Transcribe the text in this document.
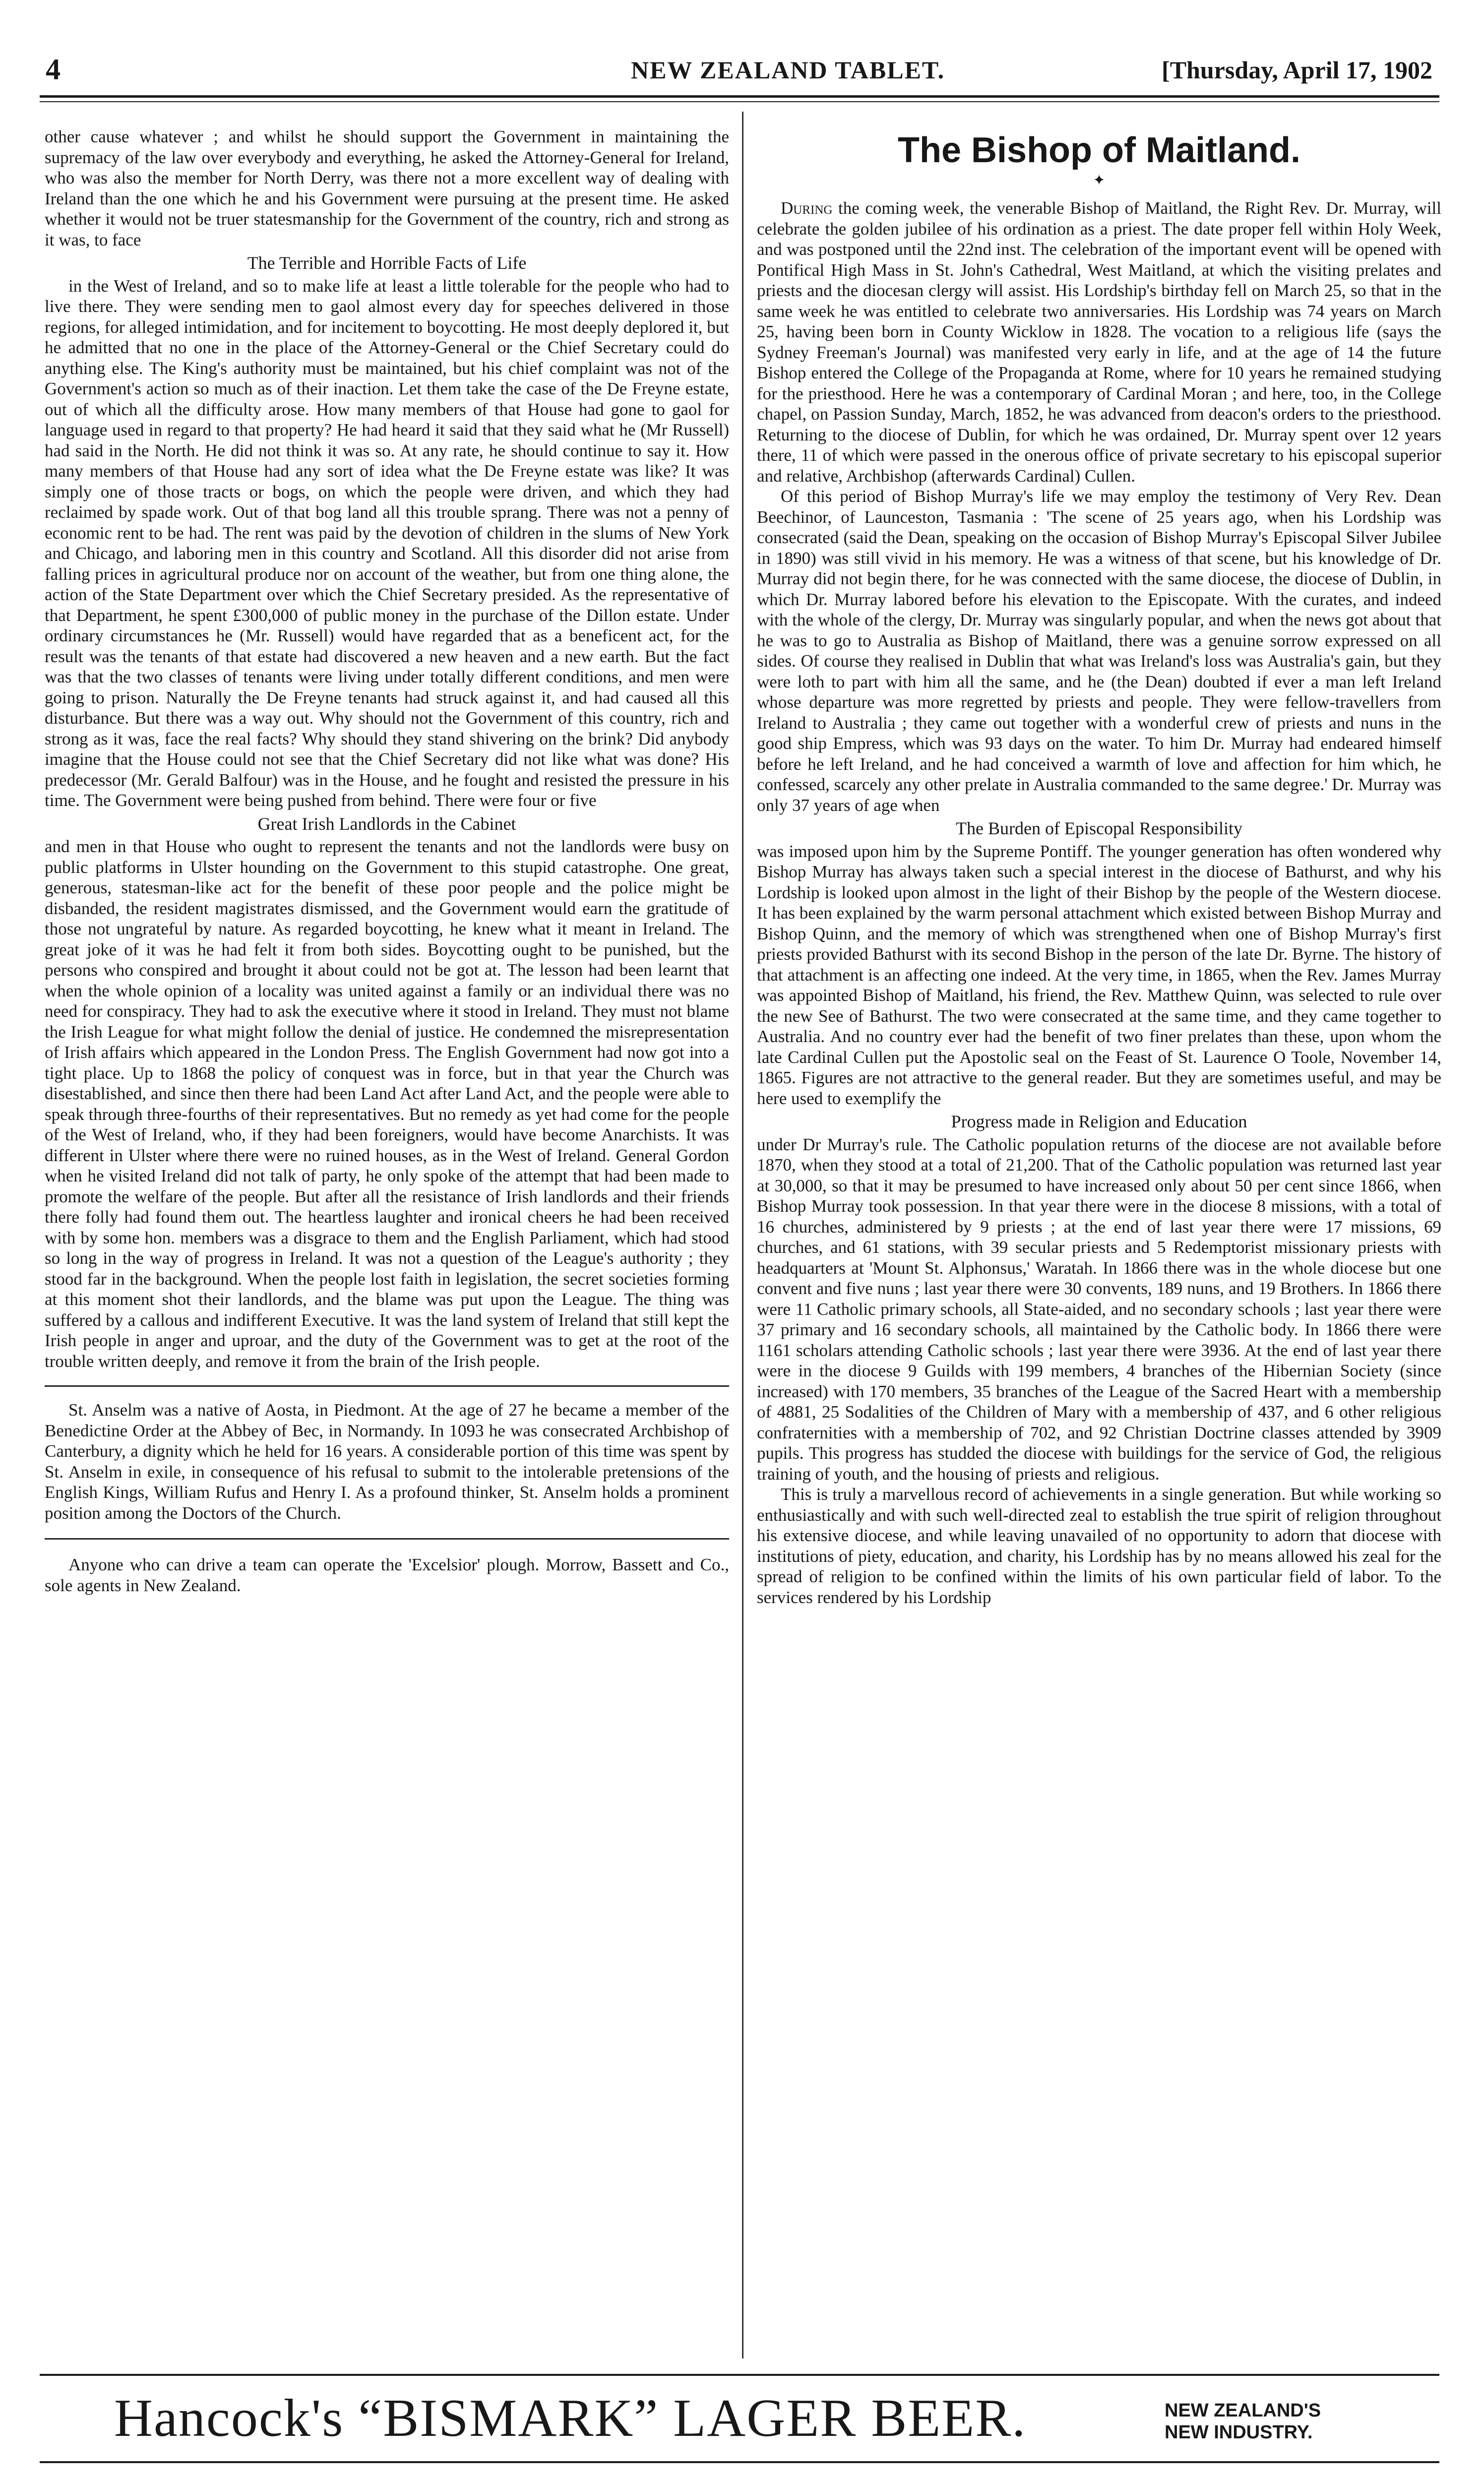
4	NEW ZEALAND TABLET.	[Thursday, April 17, 1902

other cause whatever ; and whilst he should support the Government in maintaining the supremacy of the law over everybody and everything, he asked the Attorney-General for Ireland, who was also the member for North Derry, was there not a more excellent way of dealing with Ireland than the one which he and his Government were pursuing at the present time. He asked whether it would not be truer statesmanship for the Government of the country, rich and strong as it was, to face

The Terrible and Horrible Facts of Life

in the West of Ireland, and so to make life at least a little tolerable for the people who had to live there. They were sending men to gaol almost every day for speeches delivered in those regions, for alleged intimidation, and for incitement to boycotting. He most deeply deplored it, but he admitted that no one in the place of the Attorney-General or the Chief Secretary could do anything else. The King's authority must be maintained, but his chief complaint was not of the Government's action so much as of their inaction. Let them take the case of the De Freyne estate, out of which all the difficulty arose. How many members of that House had gone to gaol for language used in regard to that property? He had heard it said that they said what he (Mr Russell) had said in the North. He did not think it was so. At any rate, he should continue to say it. How many members of that House had any sort of idea what the De Freyne estate was like? It was simply one of those tracts or bogs, on which the people were driven, and which they had reclaimed by spade work. Out of that bog land all this trouble sprang. There was not a penny of economic rent to be had. The rent was paid by the devotion of children in the slums of New York and Chicago, and laboring men in this country and Scotland. All this disorder did not arise from falling prices in agricultural produce nor on account of the weather, but from one thing alone, the action of the State Department over which the Chief Secretary presided. As the representative of that Department, he spent £300,000 of public money in the purchase of the Dillon estate. Under ordinary circumstances he (Mr. Russell) would have regarded that as a beneficent act, for the result was the tenants of that estate had discovered a new heaven and a new earth. But the fact was that the two classes of tenants were living under totally different conditions, and men were going to prison. Naturally the De Freyne tenants had struck against it, and had caused all this disturbance. But there was a way out. Why should not the Government of this country, rich and strong as it was, face the real facts? Why should they stand shivering on the brink? Did anybody imagine that the House could not see that the Chief Secretary did not like what was done? His predecessor (Mr. Gerald Balfour) was in the House, and he fought and resisted the pressure in his time. The Government were being pushed from behind. There were four or five

Great Irish Landlords in the Cabinet

and men in that House who ought to represent the tenants and not the landlords were busy on public platforms in Ulster hounding on the Government to this stupid catastrophe. One great, generous, statesman-like act for the benefit of these poor people and the police might be disbanded, the resident magistrates dismissed, and the Government would earn the gratitude of those not ungrateful by nature. As regarded boycotting, he knew what it meant in Ireland. The great joke of it was he had felt it from both sides. Boycotting ought to be punished, but the persons who conspired and brought it about could not be got at. The lesson had been learnt that when the whole opinion of a locality was united against a family or an individual there was no need for conspiracy. They had to ask the executive where it stood in Ireland. They must not blame the Irish League for what might follow the denial of justice. He condemned the misrepresentation of Irish affairs which appeared in the London Press. The English Government had now got into a tight place. Up to 1868 the policy of conquest was in force, but in that year the Church was disestablished, and since then there had been Land Act after Land Act, and the people were able to speak through three-fourths of their representatives. But no remedy as yet had come for the people of the West of Ireland, who, if they had been foreigners, would have become Anarchists. It was different in Ulster where there were no ruined houses, as in the West of Ireland. General Gordon when he visited Ireland did not talk of party, he only spoke of the attempt that had been made to promote the welfare of the people. But after all the resistance of Irish landlords and their friends there folly had found them out. The heartless laughter and ironical cheers he had been received with by some hon. members was a disgrace to them and the English Parliament, which had stood so long in the way of progress in Ireland. It was not a question of the League's authority ; they stood far in the background. When the people lost faith in legislation, the secret societies forming at this moment shot their landlords, and the blame was put upon the League. The thing was suffered by a callous and indifferent Executive. It was the land system of Ireland that still kept the Irish people in anger and uproar, and the duty of the Government was to get at the root of the trouble written deeply, and remove it from the brain of the Irish people.

St. Anselm was a native of Aosta, in Piedmont. At the age of 27 he became a member of the Benedictine Order at the Abbey of Bec, in Normandy. In 1093 he was consecrated Archbishop of Canterbury, a dignity which he held for 16 years. A considerable portion of this time was spent by St. Anselm in exile, in consequence of his refusal to submit to the intolerable pretensions of the English Kings, William Rufus and Henry I. As a profound thinker, St. Anselm holds a prominent position among the Doctors of the Church.

Anyone who can drive a team can operate the 'Excelsior' plough. Morrow, Bassett and Co., sole agents in New Zealand.

The Bishop of Maitland.
✦

During the coming week, the venerable Bishop of Maitland, the Right Rev. Dr. Murray, will celebrate the golden jubilee of his ordination as a priest. The date proper fell within Holy Week, and was postponed until the 22nd inst. The celebration of the important event will be opened with Pontifical High Mass in St. John's Cathedral, West Maitland, at which the visiting prelates and priests and the diocesan clergy will assist. His Lordship's birthday fell on March 25, so that in the same week he was entitled to celebrate two anniversaries. His Lordship was 74 years on March 25, having been born in County Wicklow in 1828. The vocation to a religious life (says the Sydney Freeman's Journal) was manifested very early in life, and at the age of 14 the future Bishop entered the College of the Propaganda at Rome, where for 10 years he remained studying for the priesthood. Here he was a contemporary of Cardinal Moran ; and here, too, in the College chapel, on Passion Sunday, March, 1852, he was advanced from deacon's orders to the priesthood. Returning to the diocese of Dublin, for which he was ordained, Dr. Murray spent over 12 years there, 11 of which were passed in the onerous office of private secretary to his episcopal superior and relative, Archbishop (afterwards Cardinal) Cullen.

Of this period of Bishop Murray's life we may employ the testimony of Very Rev. Dean Beechinor, of Launceston, Tasmania : 'The scene of 25 years ago, when his Lordship was consecrated (said the Dean, speaking on the occasion of Bishop Murray's Episcopal Silver Jubilee in 1890) was still vivid in his memory. He was a witness of that scene, but his knowledge of Dr. Murray did not begin there, for he was connected with the same diocese, the diocese of Dublin, in which Dr. Murray labored before his elevation to the Episcopate. With the curates, and indeed with the whole of the clergy, Dr. Murray was singularly popular, and when the news got about that he was to go to Australia as Bishop of Maitland, there was a genuine sorrow expressed on all sides. Of course they realised in Dublin that what was Ireland's loss was Australia's gain, but they were loth to part with him all the same, and he (the Dean) doubted if ever a man left Ireland whose departure was more regretted by priests and people. They were fellow-travellers from Ireland to Australia ; they came out together with a wonderful crew of priests and nuns in the good ship Empress, which was 93 days on the water. To him Dr. Murray had endeared himself before he left Ireland, and he had conceived a warmth of love and affection for him which, he confessed, scarcely any other prelate in Australia commanded to the same degree.' Dr. Murray was only 37 years of age when

The Burden of Episcopal Responsibility

was imposed upon him by the Supreme Pontiff. The younger generation has often wondered why Bishop Murray has always taken such a special interest in the diocese of Bathurst, and why his Lordship is looked upon almost in the light of their Bishop by the people of the Western diocese. It has been explained by the warm personal attachment which existed between Bishop Murray and Bishop Quinn, and the memory of which was strengthened when one of Bishop Murray's first priests provided Bathurst with its second Bishop in the person of the late Dr. Byrne. The history of that attachment is an affecting one indeed. At the very time, in 1865, when the Rev. James Murray was appointed Bishop of Maitland, his friend, the Rev. Matthew Quinn, was selected to rule over the new See of Bathurst. The two were consecrated at the same time, and they came together to Australia. And no country ever had the benefit of two finer prelates than these, upon whom the late Cardinal Cullen put the Apostolic seal on the Feast of St. Laurence O Toole, November 14, 1865. Figures are not attractive to the general reader. But they are sometimes useful, and may be here used to exemplify the

Progress made in Religion and Education

under Dr Murray's rule. The Catholic population returns of the diocese are not available before 1870, when they stood at a total of 21,200. That of the Catholic population was returned last year at 30,000, so that it may be presumed to have increased only about 50 per cent since 1866, when Bishop Murray took possession. In that year there were in the diocese 8 missions, with a total of 16 churches, administered by 9 priests ; at the end of last year there were 17 missions, 69 churches, and 61 stations, with 39 secular priests and 5 Redemptorist missionary priests with headquarters at 'Mount St. Alphonsus,' Waratah. In 1866 there was in the whole diocese but one convent and five nuns ; last year there were 30 convents, 189 nuns, and 19 Brothers. In 1866 there were 11 Catholic primary schools, all State-aided, and no secondary schools ; last year there were 37 primary and 16 secondary schools, all maintained by the Catholic body. In 1866 there were 1161 scholars attending Catholic schools ; last year there were 3936. At the end of last year there were in the diocese 9 Guilds with 199 members, 4 branches of the Hibernian Society (since increased) with 170 members, 35 branches of the League of the Sacred Heart with a membership of 4881, 25 Sodalities of the Children of Mary with a membership of 437, and 6 other religious confraternities with a membership of 702, and 92 Christian Doctrine classes attended by 3909 pupils. This progress has studded the diocese with buildings for the service of God, the religious training of youth, and the housing of priests and religious.

This is truly a marvellous record of achievements in a single generation. But while working so enthusiastically and with such well-directed zeal to establish the true spirit of religion throughout his extensive diocese, and while leaving unavailed of no opportunity to adorn that diocese with institutions of piety, education, and charity, his Lordship has by no means allowed his zeal for the spread of religion to be confined within the limits of his own particular field of labor. To the services rendered by his Lordship

Hancock's “BISMARK” LAGER BEER.	NEW ZEALAND'S
NEW INDUSTRY.
